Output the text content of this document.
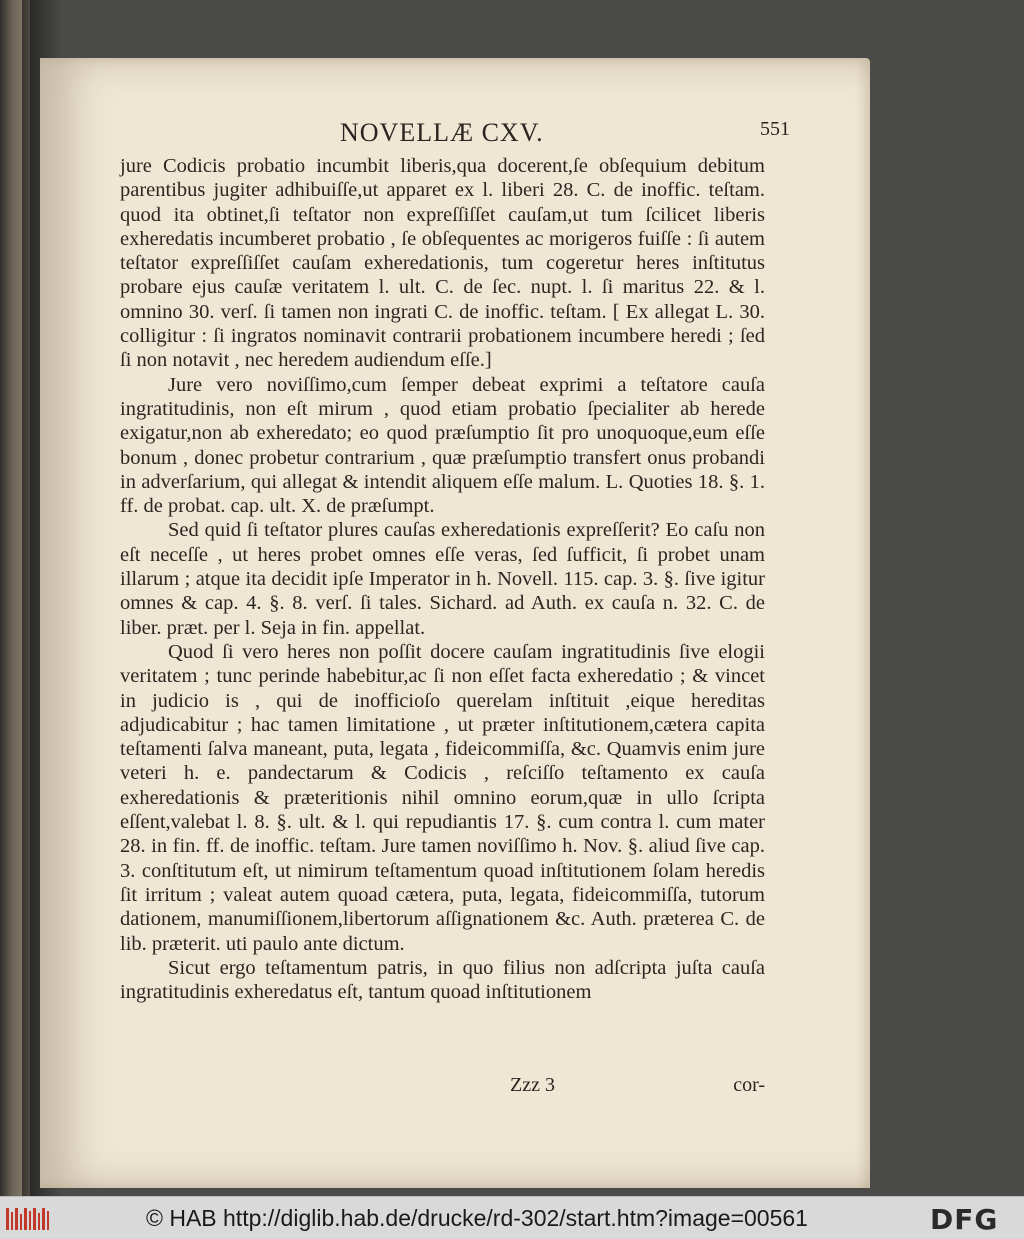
NOVELLÆ CXV.	551

jure Codicis probatio incumbit liberis,qua docerent,ſe obſequium debitum parentibus jugiter adhibuiſſe,ut apparet ex l. liberi 28. C. de inoffic. teſtam. quod ita obtinet,ſi teſtator non expreſſiſſet cauſam,ut tum ſcilicet liberis exheredatis incumberet probatio , ſe obſequentes ac morigeros fuiſſe : ſi autem teſtator expreſſiſſet cauſam exheredationis, tum cogeretur heres inſtitutus probare ejus cauſæ veritatem l. ult. C. de ſec. nupt. l. ſi maritus 22. & l. omnino 30. verſ. ſi tamen non ingrati C. de inoffic. teſtam. [ Ex allegat L. 30. colligitur : ſi ingratos nominavit contrarii probationem incumbere heredi ; ſed ſi non notavit , nec heredem audiendum eſſe.]

Jure vero noviſſimo,cum ſemper debeat exprimi a teſtatore cauſa ingratitudinis, non eſt mirum , quod etiam probatio ſpecialiter ab herede exigatur,non ab exheredato; eo quod præſumptio ſit pro unoquoque,eum eſſe bonum , donec probetur contrarium , quæ præſumptio transfert onus probandi in adverſarium, qui allegat & intendit aliquem eſſe malum. L. Quoties 18. §. 1. ff. de probat. cap. ult. X. de præſumpt.

Sed quid ſi teſtator plures cauſas exheredationis expreſſerit? Eo caſu non eſt neceſſe , ut heres probet omnes eſſe veras, ſed ſufficit, ſi probet unam illarum ; atque ita decidit ipſe Imperator in h. Novell. 115. cap. 3. §. ſive igitur omnes & cap. 4. §. 8. verſ. ſi tales. Sichard. ad Auth. ex cauſa n. 32. C. de liber. præt. per l. Seja in fin. appellat.

Quod ſi vero heres non poſſit docere cauſam ingratitudinis ſive elogii veritatem ; tunc perinde habebitur,ac ſi non eſſet facta exheredatio ; & vincet in judicio is , qui de inofficioſo querelam inſtituit ,eique hereditas adjudicabitur ; hac tamen limitatione , ut præter inſtitutionem,cætera capita teſtamenti ſalva maneant, puta, legata , fideicommiſſa, &c. Quamvis enim jure veteri h. e. pandectarum & Codicis , reſciſſo teſtamento ex cauſa exheredationis & præteritionis nihil omnino eorum,quæ in ullo ſcripta eſſent,valebat l. 8. §. ult. & l. qui repudiantis 17. §. cum contra l. cum mater 28. in fin. ff. de inoffic. teſtam. Jure tamen noviſſimo h. Nov. §. aliud ſive cap. 3. conſtitutum eſt, ut nimirum teſtamentum quoad inſtitutionem ſolam heredis ſit irritum ; valeat autem quoad cætera, puta, legata, fideicommiſſa, tutorum dationem, manumiſſionem,libertorum aſſignationem &c. Auth. præterea C. de lib. præterit. uti paulo ante dictum.

Sicut ergo teſtamentum patris, in quo filius non adſcripta juſta cauſa ingratitudinis exheredatus eſt, tantum quoad inſtitutionem

Zzz 3	cor-
© HAB http://diglib.hab.de/drucke/rd-302/start.htm?image=00561	DFG
